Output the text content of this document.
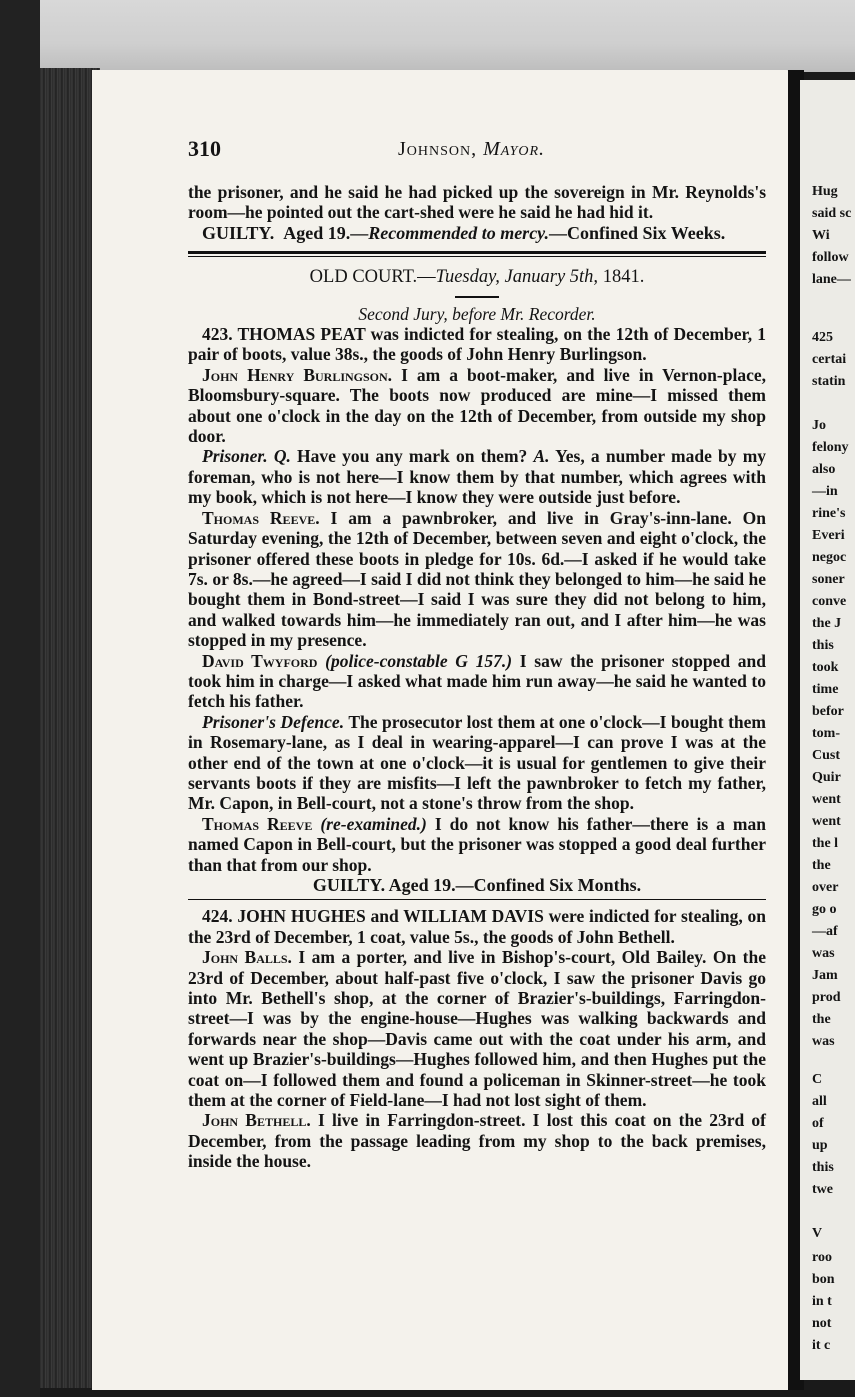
Hug
said sc
Wi
follow
lane—
425
certai
statin
Jo
felony
also
—in
rine's
Everi
negoc
soner
conve
the J
this
took
time
befor
tom-
Cust
Quir
went
went
the l
the
over
go o
—af
was
Jam
prod
the
was
C
all
of
up
this
twe
V
roo
bon
in t
not
it c
310	Johnson, Mayor.

the prisoner, and he said he had picked up the sovereign in Mr. Reynolds's room—he pointed out the cart-shed were he said he had hid it.

GUILTY. Aged 19.—Recommended to mercy.—Confined Six Weeks.

OLD COURT.—Tuesday, January 5th, 1841.

Second Jury, before Mr. Recorder.

423. THOMAS PEAT was indicted for stealing, on the 12th of December, 1 pair of boots, value 38s., the goods of John Henry Burlingson.

John Henry Burlingson. I am a boot-maker, and live in Vernon-place, Bloomsbury-square. The boots now produced are mine—I missed them about one o'clock in the day on the 12th of December, from outside my shop door.

Prisoner. Q. Have you any mark on them? A. Yes, a number made by my foreman, who is not here—I know them by that number, which agrees with my book, which is not here—I know they were outside just before.

Thomas Reeve. I am a pawnbroker, and live in Gray's-inn-lane. On Saturday evening, the 12th of December, between seven and eight o'clock, the prisoner offered these boots in pledge for 10s. 6d.—I asked if he would take 7s. or 8s.—he agreed—I said I did not think they belonged to him—he said he bought them in Bond-street—I said I was sure they did not belong to him, and walked towards him—he immediately ran out, and I after him—he was stopped in my presence.

David Twyford (police-constable G 157.) I saw the prisoner stopped and took him in charge—I asked what made him run away—he said he wanted to fetch his father.

Prisoner's Defence. The prosecutor lost them at one o'clock—I bought them in Rosemary-lane, as I deal in wearing-apparel—I can prove I was at the other end of the town at one o'clock—it is usual for gentlemen to give their servants boots if they are misfits—I left the pawnbroker to fetch my father, Mr. Capon, in Bell-court, not a stone's throw from the shop.

Thomas Reeve (re-examined.) I do not know his father—there is a man named Capon in Bell-court, but the prisoner was stopped a good deal further than that from our shop.

GUILTY. Aged 19.—Confined Six Months.

424. JOHN HUGHES and WILLIAM DAVIS were indicted for stealing, on the 23rd of December, 1 coat, value 5s., the goods of John Bethell.

John Balls. I am a porter, and live in Bishop's-court, Old Bailey. On the 23rd of December, about half-past five o'clock, I saw the prisoner Davis go into Mr. Bethell's shop, at the corner of Brazier's-buildings, Farringdon-street—I was by the engine-house—Hughes was walking backwards and forwards near the shop—Davis came out with the coat under his arm, and went up Brazier's-buildings—Hughes followed him, and then Hughes put the coat on—I followed them and found a policeman in Skinner-street—he took them at the corner of Field-lane—I had not lost sight of them.

John Bethell. I live in Farringdon-street. I lost this coat on the 23rd of December, from the passage leading from my shop to the back premises, inside the house.
